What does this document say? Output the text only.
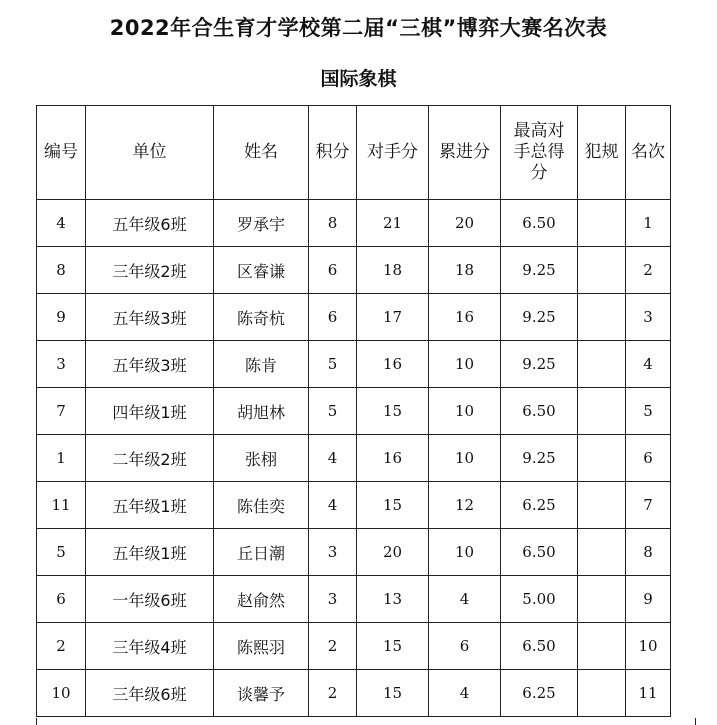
2022年合生育才学校第二届“三棋”博弈大赛名次表
国际象棋
编号	单位	姓名	积分	对手分	累进分	最高对手总得分	犯规	名次
4	五年级6班	罗承宇	8	21	20	6.50		1
8	三年级2班	区睿谦	6	18	18	9.25		2
9	五年级3班	陈奇杭	6	17	16	9.25		3
3	五年级3班	陈肯	5	16	10	9.25		4
7	四年级1班	胡旭林	5	15	10	6.50		5
1	二年级2班	张栩	4	16	10	9.25		6
11	五年级1班	陈佳奕	4	15	12	6.25		7
5	五年级1班	丘日潮	3	20	10	6.50		8
6	一年级6班	赵俞然	3	13	4	5.00		9
2	三年级4班	陈熙羽	2	15	6	6.50		10
10	三年级6班	谈馨予	2	15	4	6.25		11
